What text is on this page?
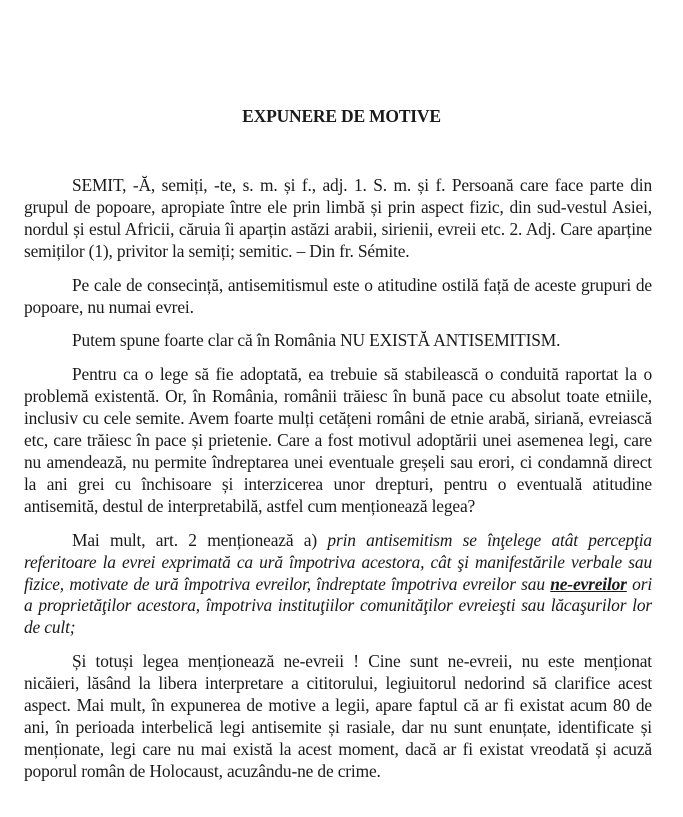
EXPUNERE DE MOTIVE

SEMIT, -Ă, semiți, -te, s. m. și f., adj. 1. S. m. și f. Persoană care face parte din grupul de popoare, apropiate între ele prin limbă și prin aspect fizic, din sud-vestul Asiei, nordul și estul Africii, căruia îi aparțin astăzi arabii, sirienii, evreii etc. 2. Adj. Care aparține semiților (1), privitor la semiți; semitic. – Din fr. Sémite.

Pe cale de consecință, antisemitismul este o atitudine ostilă față de aceste grupuri de popoare, nu numai evrei.

Putem spune foarte clar că în România NU EXISTĂ ANTISEMITISM.

Pentru ca o lege să fie adoptată, ea trebuie să stabilească o conduită raportat la o problemă existentă. Or, în România, românii trăiesc în bună pace cu absolut toate etniile, inclusiv cu cele semite. Avem foarte mulți cetățeni români de etnie arabă, siriană, evreiască etc, care trăiesc în pace și prietenie. Care a fost motivul adoptării unei asemenea legi, care nu amendează, nu permite îndreptarea unei eventuale greșeli sau erori, ci condamnă direct la ani grei cu închisoare și interzicerea unor drepturi, pentru o eventuală atitudine antisemită, destul de interpretabilă, astfel cum menționează legea?

Mai mult, art. 2 menționează a) prin antisemitism se înţelege atât percepţia referitoare la evrei exprimată ca ură împotriva acestora, cât şi manifestările verbale sau fizice, motivate de ură împotriva evreilor, îndreptate împotriva evreilor sau ne-evreilor ori a proprietăţilor acestora, împotriva instituţiilor comunităţilor evreieşti sau lăcaşurilor lor de cult;

Și totuși legea menționează ne-evreii ! Cine sunt ne-evreii, nu este menționat nicăieri, lăsând la libera interpretare a cititorului, legiuitorul nedorind să clarifice acest aspect. Mai mult, în expunerea de motive a legii, apare faptul că ar fi existat acum 80 de ani, în perioada interbelică legi antisemite și rasiale, dar nu sunt enunțate, identificate și menționate, legi care nu mai există la acest moment, dacă ar fi existat vreodată și acuză poporul român de Holocaust, acuzându-ne de crime.
